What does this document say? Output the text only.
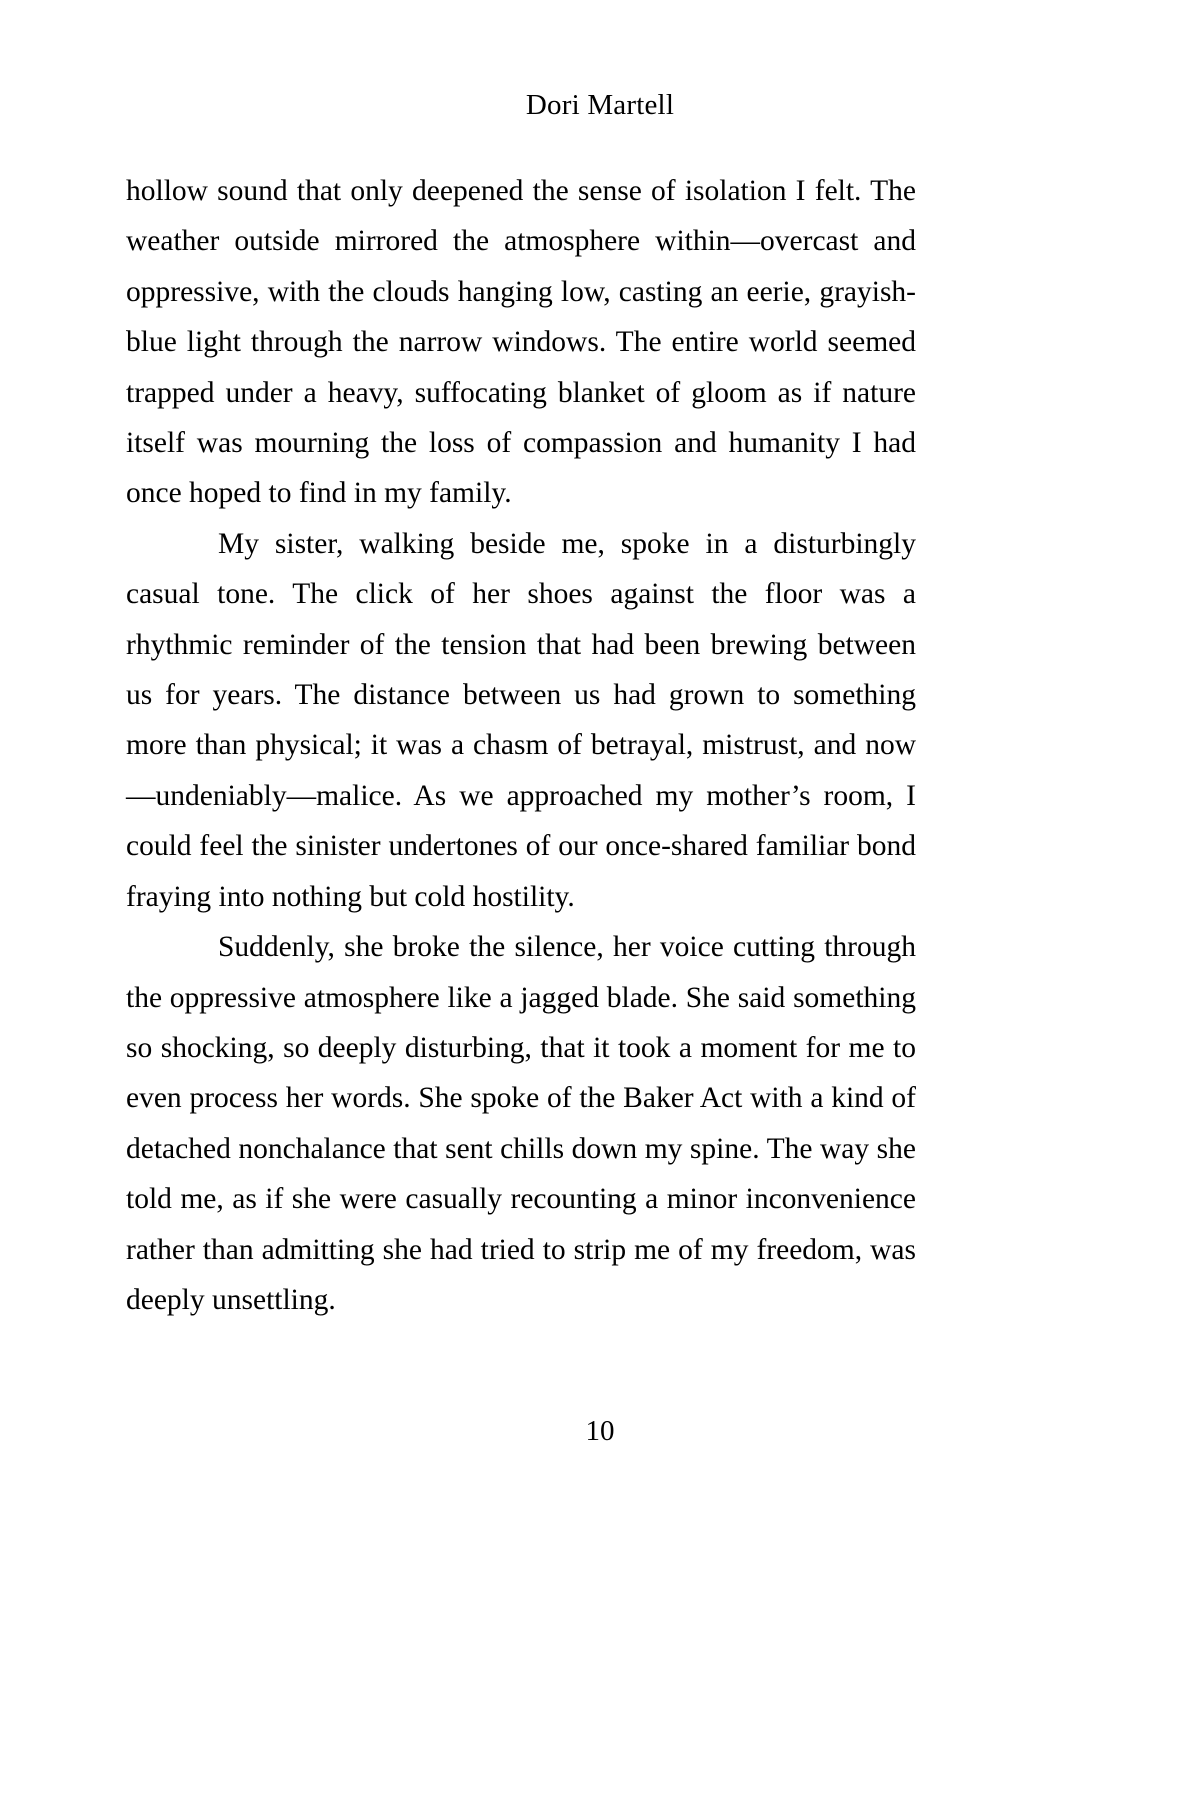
Dori Martell

hollow sound that only deepened the sense of isolation I felt. The weather outside mirrored the atmosphere within—overcast and oppressive, with the clouds hanging low, casting an eerie, grayish-blue light through the narrow windows. The entire world seemed trapped under a heavy, suffocating blanket of gloom as if nature itself was mourning the loss of compassion and humanity I had once hoped to find in my family.

My sister, walking beside me, spoke in a disturbingly casual tone. The click of her shoes against the floor was a rhythmic reminder of the tension that had been brewing between us for years. The distance between us had grown to something more than physical; it was a chasm of betrayal, mistrust, and now—undeniably—malice. As we approached my mother’s room, I could feel the sinister undertones of our once-shared familiar bond fraying into nothing but cold hostility.

Suddenly, she broke the silence, her voice cutting through the oppressive atmosphere like a jagged blade. She said something so shocking, so deeply disturbing, that it took a moment for me to even process her words. She spoke of the Baker Act with a kind of detached nonchalance that sent chills down my spine. The way she told me, as if she were casually recounting a minor inconvenience rather than admitting she had tried to strip me of my freedom, was deeply unsettling.

10
